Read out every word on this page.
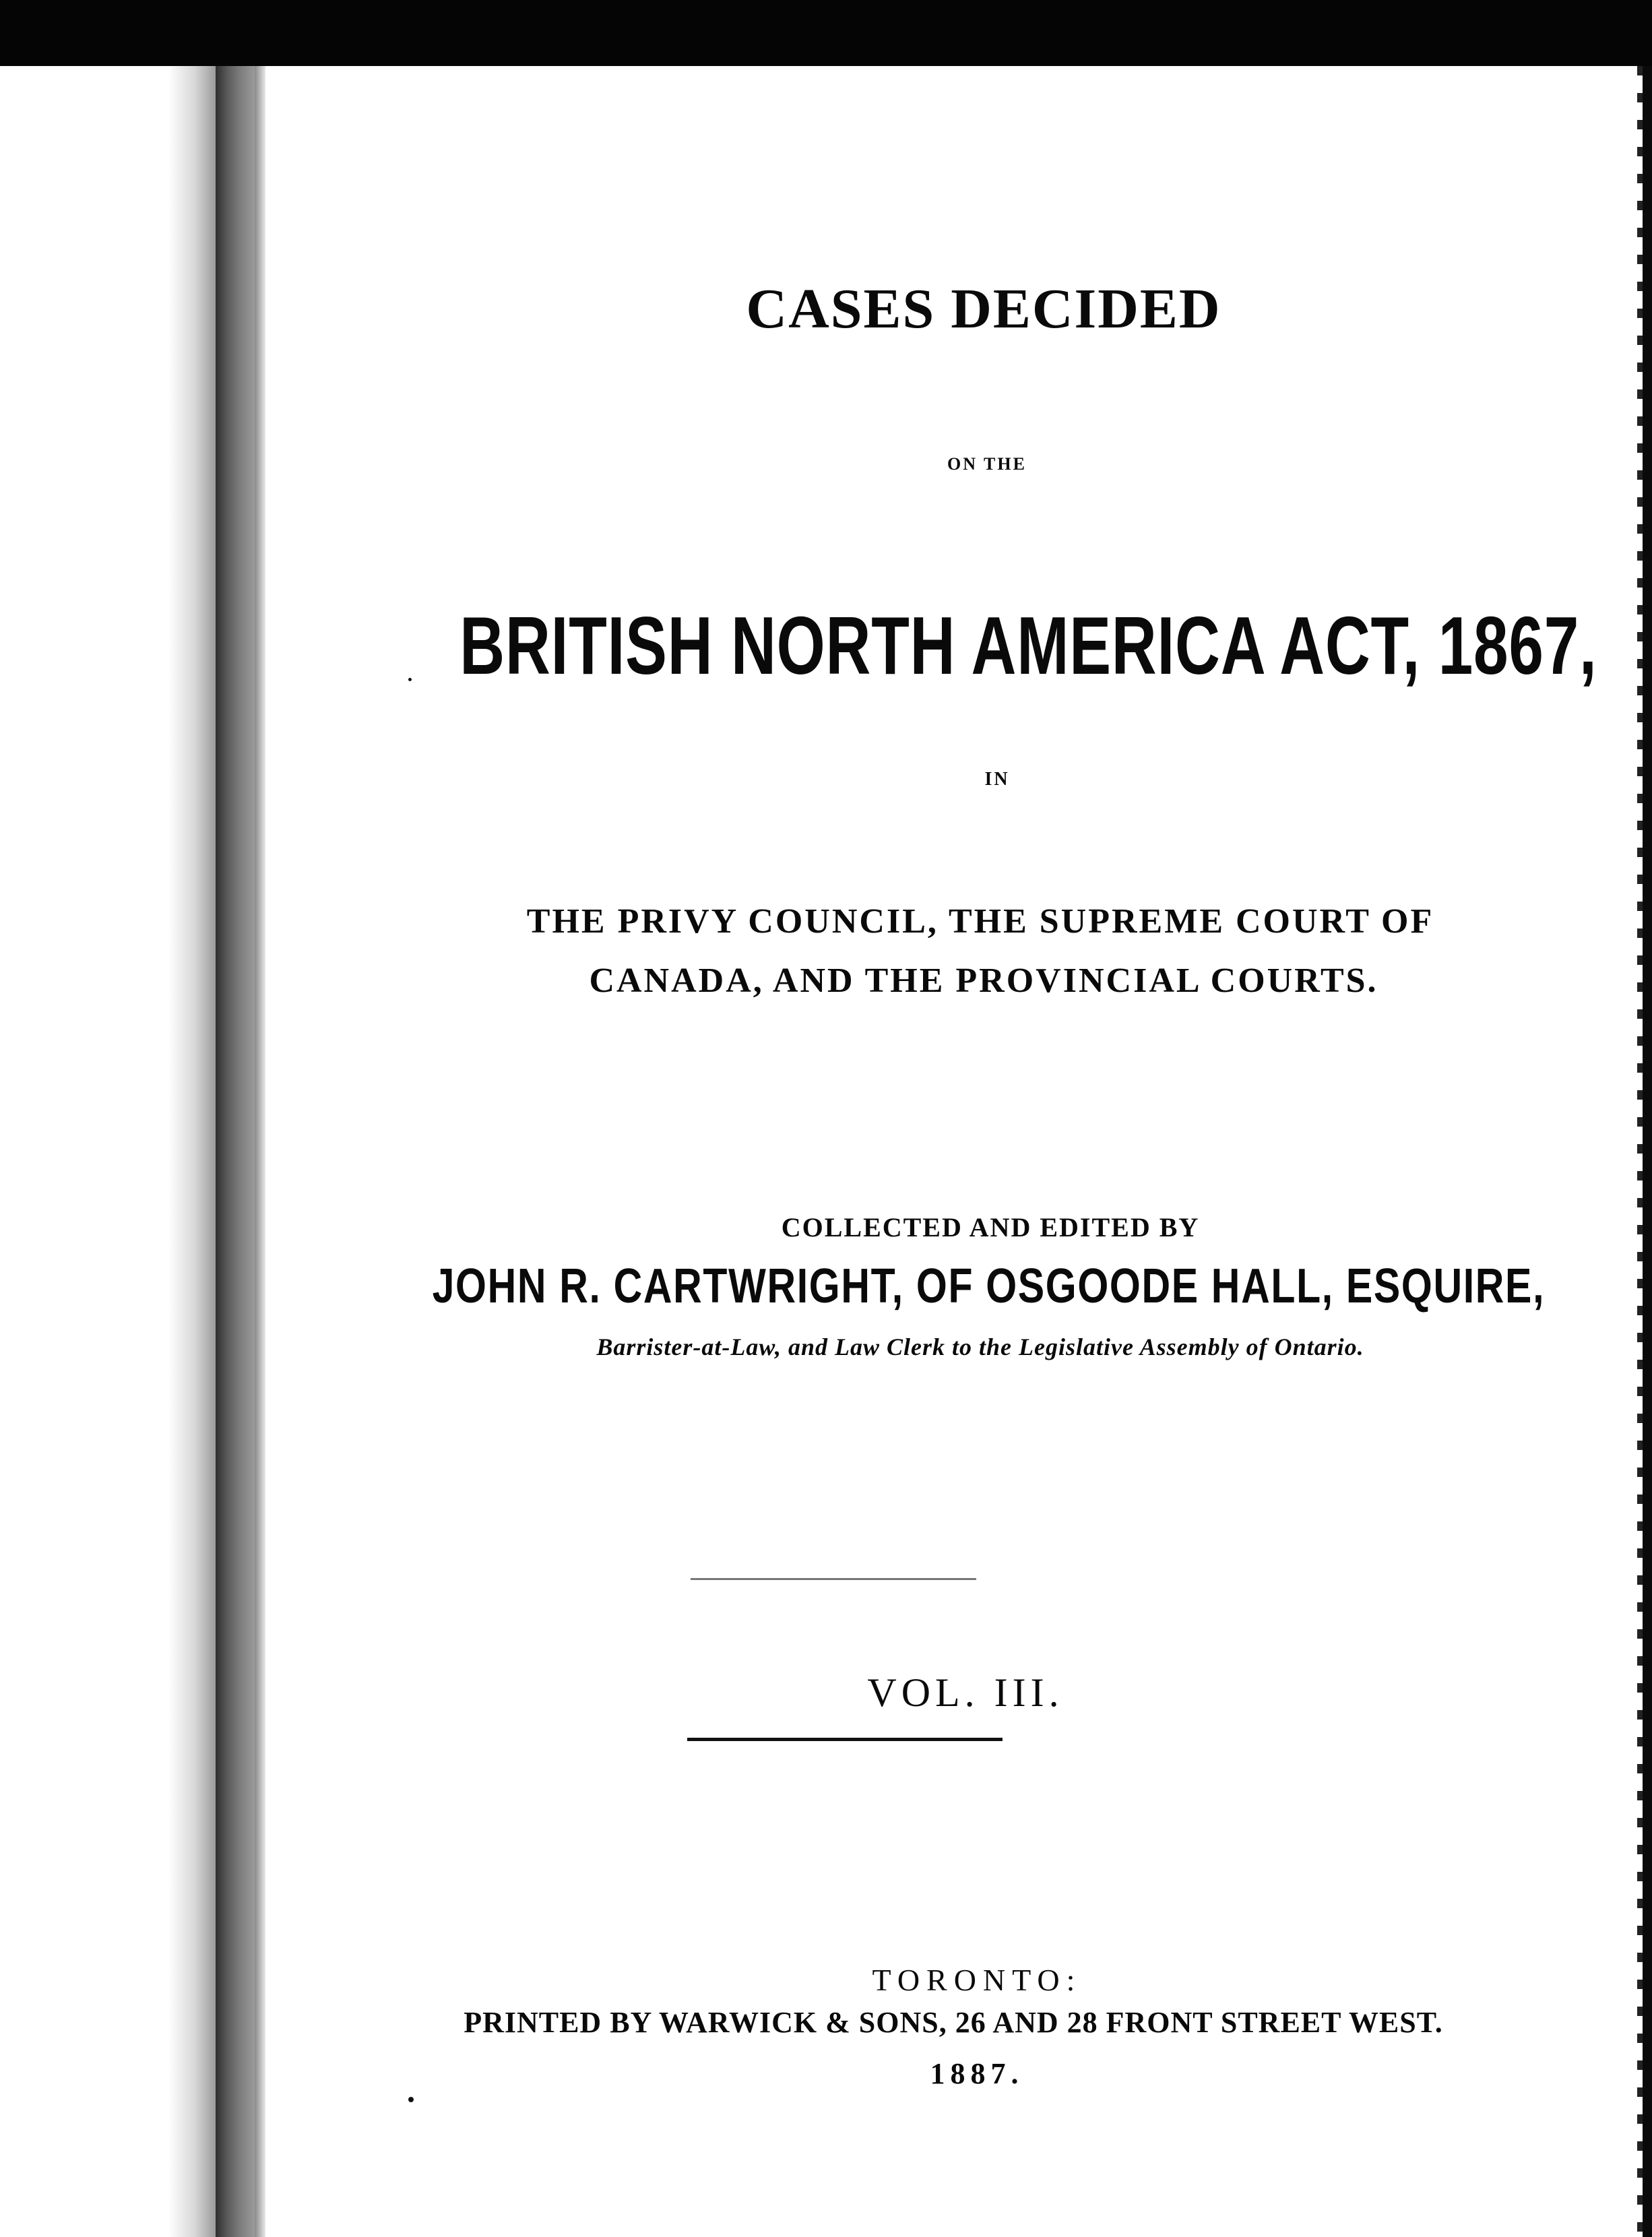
CASES DECIDED

ON THE

BRITISH NORTH AMERICA ACT, 1867,

IN

THE PRIVY COUNCIL, THE SUPREME COURT OF

CANADA, AND THE PROVINCIAL COURTS.

COLLECTED AND EDITED BY

JOHN R. CARTWRIGHT, OF OSGOODE HALL, ESQUIRE,

Barrister-at-Law, and Law Clerk to the Legislative Assembly of Ontario.

VOL. III.

TORONTO:

PRINTED BY WARWICK & SONS, 26 AND 28 FRONT STREET WEST.

1887.
